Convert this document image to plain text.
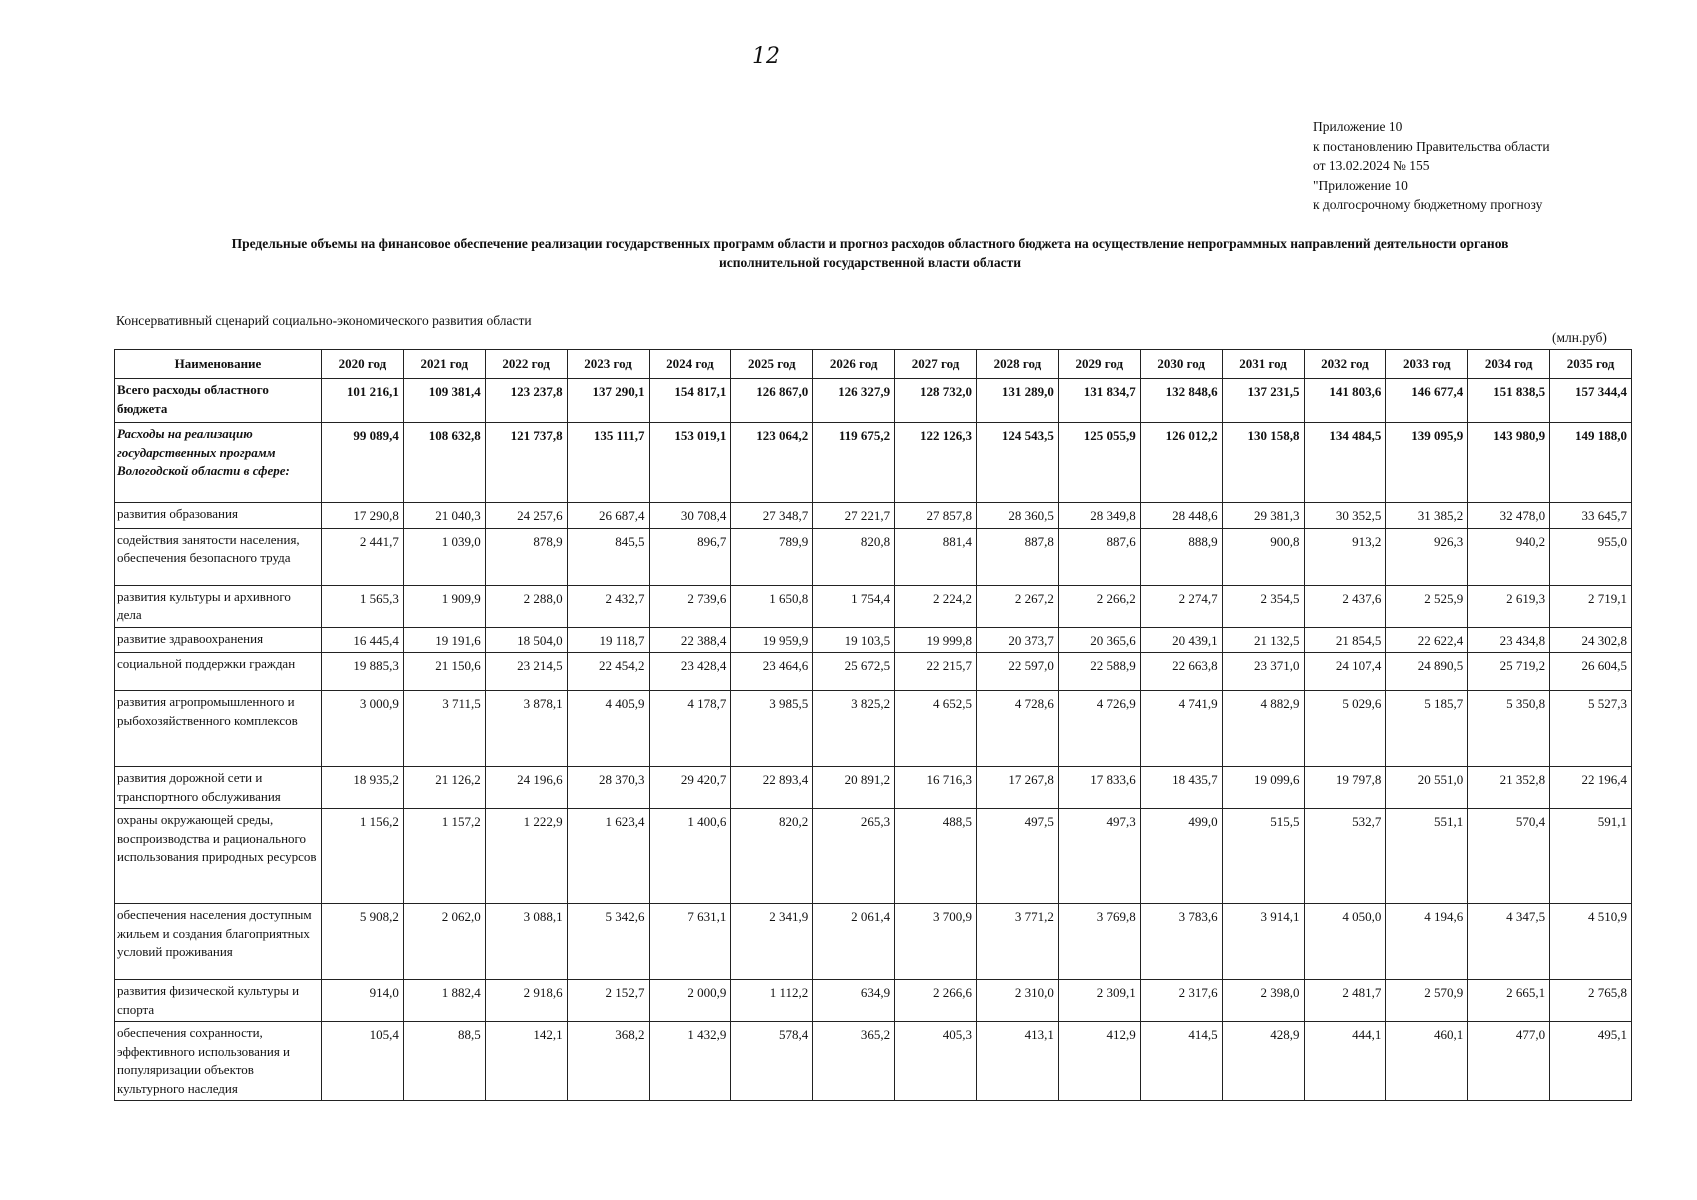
12
Приложение 10
к постановлению Правительства области
от 13.02.2024 № 155
"Приложение 10
к долгосрочному бюджетному прогнозу
Предельные объемы на финансовое обеспечение реализации государственных программ области и прогноз расходов областного бюджета на осуществление непрограммных направлений деятельности органов
исполнительной государственной власти области
Консервативный сценарий социально-экономического развития области
(млн.руб)
Наименование	2020 год	2021 год	2022 год	2023 год	2024 год	2025 год	2026 год	2027 год	2028 год	2029 год	2030 год	2031 год	2032 год	2033 год	2034 год	2035 год
Всего расходы областного бюджета	101 216,1	109 381,4	123 237,8	137 290,1	154 817,1	126 867,0	126 327,9	128 732,0	131 289,0	131 834,7	132 848,6	137 231,5	141 803,6	146 677,4	151 838,5	157 344,4
Расходы на реализацию государственных программ Вологодской области в сфере:	99 089,4	108 632,8	121 737,8	135 111,7	153 019,1	123 064,2	119 675,2	122 126,3	124 543,5	125 055,9	126 012,2	130 158,8	134 484,5	139 095,9	143 980,9	149 188,0
развития образования	17 290,8	21 040,3	24 257,6	26 687,4	30 708,4	27 348,7	27 221,7	27 857,8	28 360,5	28 349,8	28 448,6	29 381,3	30 352,5	31 385,2	32 478,0	33 645,7
содействия занятости населения, обеспечения безопасного труда	2 441,7	1 039,0	878,9	845,5	896,7	789,9	820,8	881,4	887,8	887,6	888,9	900,8	913,2	926,3	940,2	955,0
развития культуры и архивного дела	1 565,3	1 909,9	2 288,0	2 432,7	2 739,6	1 650,8	1 754,4	2 224,2	2 267,2	2 266,2	2 274,7	2 354,5	2 437,6	2 525,9	2 619,3	2 719,1
развитие здравоохранения	16 445,4	19 191,6	18 504,0	19 118,7	22 388,4	19 959,9	19 103,5	19 999,8	20 373,7	20 365,6	20 439,1	21 132,5	21 854,5	22 622,4	23 434,8	24 302,8
социальной поддержки граждан	19 885,3	21 150,6	23 214,5	22 454,2	23 428,4	23 464,6	25 672,5	22 215,7	22 597,0	22 588,9	22 663,8	23 371,0	24 107,4	24 890,5	25 719,2	26 604,5
развития агропромышленного и рыбохозяйственного комплексов	3 000,9	3 711,5	3 878,1	4 405,9	4 178,7	3 985,5	3 825,2	4 652,5	4 728,6	4 726,9	4 741,9	4 882,9	5 029,6	5 185,7	5 350,8	5 527,3
развития дорожной сети и транспортного обслуживания	18 935,2	21 126,2	24 196,6	28 370,3	29 420,7	22 893,4	20 891,2	16 716,3	17 267,8	17 833,6	18 435,7	19 099,6	19 797,8	20 551,0	21 352,8	22 196,4
охраны окружающей среды, воспроизводства и рационального использования природных ресурсов	1 156,2	1 157,2	1 222,9	1 623,4	1 400,6	820,2	265,3	488,5	497,5	497,3	499,0	515,5	532,7	551,1	570,4	591,1
обеспечения населения доступным жильем и создания благоприятных условий проживания	5 908,2	2 062,0	3 088,1	5 342,6	7 631,1	2 341,9	2 061,4	3 700,9	3 771,2	3 769,8	3 783,6	3 914,1	4 050,0	4 194,6	4 347,5	4 510,9
развития физической культуры и спорта	914,0	1 882,4	2 918,6	2 152,7	2 000,9	1 112,2	634,9	2 266,6	2 310,0	2 309,1	2 317,6	2 398,0	2 481,7	2 570,9	2 665,1	2 765,8
обеспечения сохранности, эффективного использования и популяризации объектов культурного наследия	105,4	88,5	142,1	368,2	1 432,9	578,4	365,2	405,3	413,1	412,9	414,5	428,9	444,1	460,1	477,0	495,1
